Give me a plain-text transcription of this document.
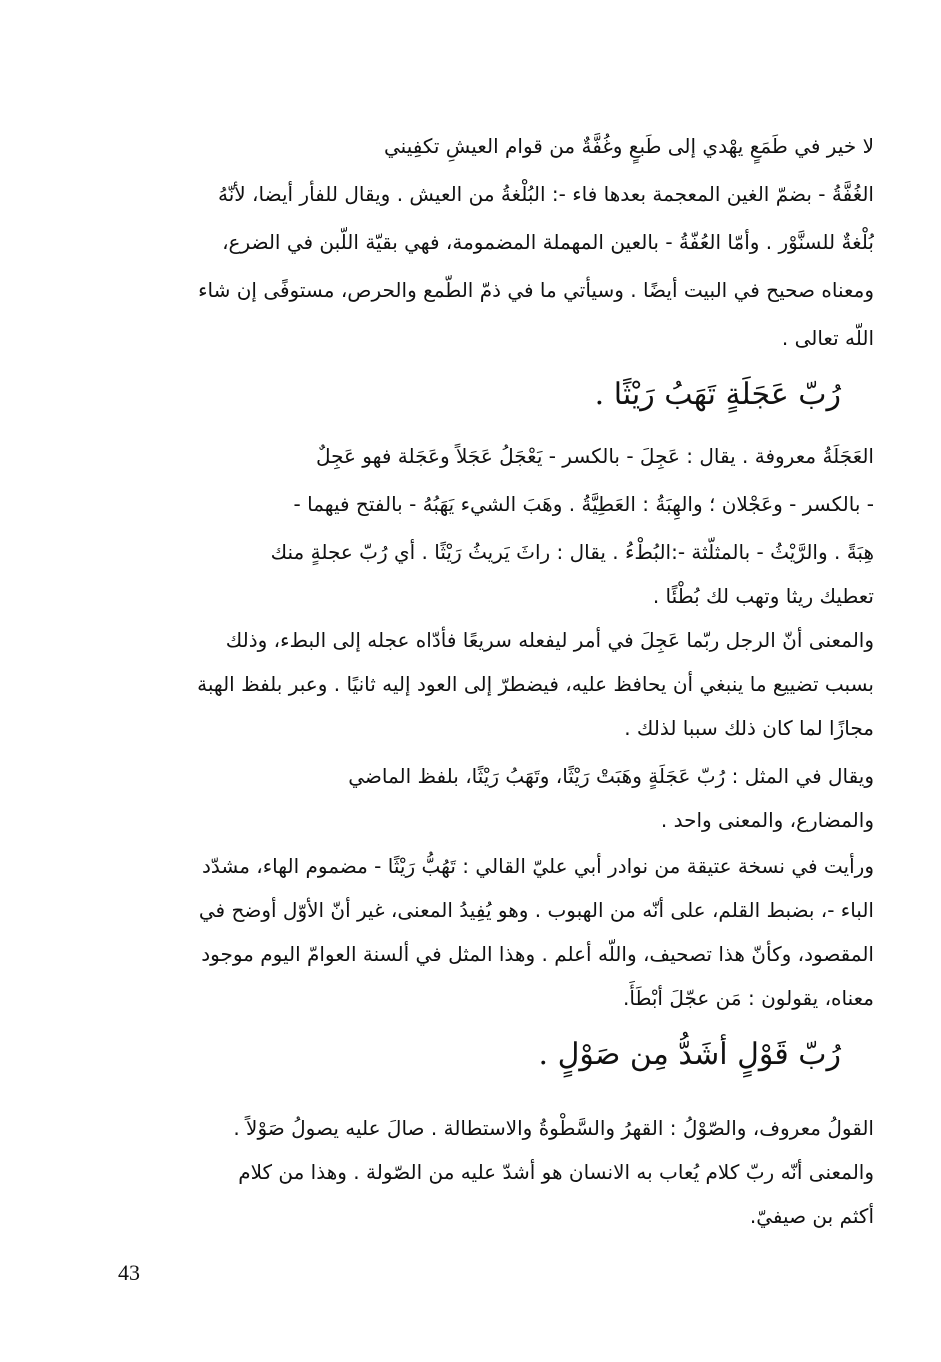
لا خير في طَمَعٍ يهْدي إلى طَبعٍ وغُفَّةٌ من قوام العيشِ تكفِيني
الغُفَّةُ - بضمّ الغين المعجمة بعدها فاء -: البُلْغةُ من العيش . ويقال للفأر أيضا، لأنّهُ
بُلْغةٌ للسنَّوْر . وأمّا العُفّةُ - بالعين المهملة المضمومة، فهي بقيّة اللّبن في الضرع،
ومعناه صحيح في البيت أيضًا . وسيأتي ما في ذمّ الطّمع والحرص، مستوفًى إن شاء
اللّه تعالى .
رُبّ عَجَلَةٍ تَهَبُ رَيْثًا .
العَجَلَةُ معروفة . يقال : عَجِلَ - بالكسر - يَعْجَلُ عَجَلاً وعَجَلة فهو عَجِلٌ
- بالكسر - وعَجْلان ؛ والهِبَةُ : العَطِيَّةُ . وهَبَ الشيء يَهَبُهُ - بالفتح فيهما -
هِبَةً . والرَّيْثُ - بالمثلّثة -:البُطْءُ . يقال : راثَ يَريثُ رَيْثًا . أي رُبّ عجلةٍ منك
تعطيك ريثا وتهب لك بُطْئًا .
والمعنى أنّ الرجل ربّما عَجِلَ في أمر ليفعله سريعًا فأدّاه عجله إلى البطء، وذلك
بسبب تضييع ما ينبغي أن يحافظ عليه، فيضطرّ إلى العود إليه ثانيًا . وعبر بلفظ الهبة
مجازًا لما كان ذلك سببا لذلك .
ويقال في المثل : رُبّ عَجَلَةٍ وهَبَتْ رَيْثًا، وتَهَبُ رَيْثًا، بلفظ الماضي
والمضارع، والمعنى واحد .
ورأيت في نسخة عتيقة من نوادر أبي عليّ القالي : تَهُبُّ رَيْثًا - مضموم الهاء، مشدّد
الباء -، بضبط القلم، على أنّه من الهبوب . وهو يُفِيدُ المعنى، غير أنّ الأوّل أوضح في
المقصود، وكأنّ هذا تصحيف، واللّه أعلم . وهذا المثل في ألسنة العوامّ اليوم موجود
معناه، يقولون : مَن عجّلَ أبْطَأَ.
رُبّ قَوْلٍ أشَدُّ مِن صَوْلٍ .
القولُ معروف، والصّوْلُ : القهرُ والسَّطْوةُ والاستطالة . صالَ عليه يصولُ صَوْلاً .
والمعنى أنّه ربّ كلام يُعاب به الانسان هو أشدّ عليه من الصّولة . وهذا من كلام
أكثم بن صيفيّ.
43
